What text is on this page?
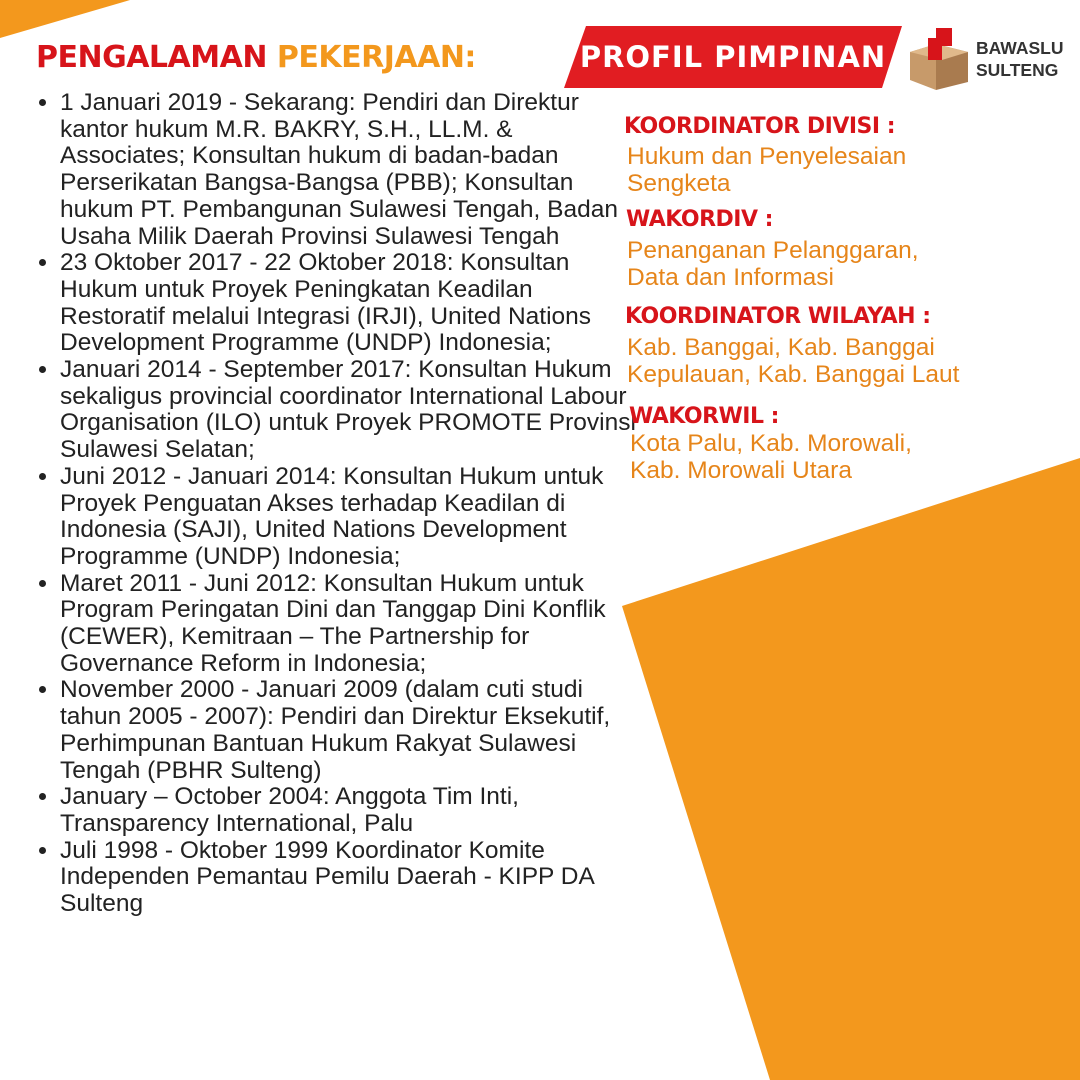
PENGALAMAN PEKERJAAN:
• 1 Januari 2019 - Sekarang: Pendiri dan Direktur kantor hukum M.R. BAKRY, S.H., LL.M. & Associates; Konsultan hukum di badan-badan Perserikatan Bangsa-Bangsa (PBB); Konsultan hukum PT. Pembangunan Sulawesi Tengah, Badan Usaha Milik Daerah Provinsi Sulawesi Tengah
• 23 Oktober 2017 - 22 Oktober 2018: Konsultan Hukum untuk Proyek Peningkatan Keadilan Restoratif melalui Integrasi (IRJI), United Nations Development Programme (UNDP) Indonesia;
• Januari 2014 - September 2017: Konsultan Hukum sekaligus provincial coordinator International Labour Organisation (ILO) untuk Proyek PROMOTE Provinsi Sulawesi Selatan;
• Juni 2012 - Januari 2014: Konsultan Hukum untuk Proyek Penguatan Akses terhadap Keadilan di Indonesia (SAJI), United Nations Development Programme (UNDP) Indonesia;
• Maret 2011 - Juni 2012: Konsultan Hukum untuk Program Peringatan Dini dan Tanggap Dini Konflik (CEWER), Kemitraan – The Partnership for Governance Reform in Indonesia;
• November 2000 - Januari 2009 (dalam cuti studi tahun 2005 - 2007): Pendiri dan Direktur Eksekutif, Perhimpunan Bantuan Hukum Rakyat Sulawesi Tengah (PBHR Sulteng)
• January – October 2004: Anggota Tim Inti, Transparency International, Palu
• Juli 1998 - Oktober 1999 Koordinator Komite Independen Pemantau Pemilu Daerah - KIPP DA Sulteng
PROFIL PIMPINAN	BAWASLU
SULTENG
KOORDINATOR DIVISI :
Hukum dan Penyelesaian
Sengketa
WAKORDIV :
Penanganan Pelanggaran,
Data dan Informasi
KOORDINATOR WILAYAH :
Kab. Banggai, Kab. Banggai
Kepulauan, Kab. Banggai Laut
WAKORWIL :
Kota Palu, Kab. Morowali,
Kab. Morowali Utara
